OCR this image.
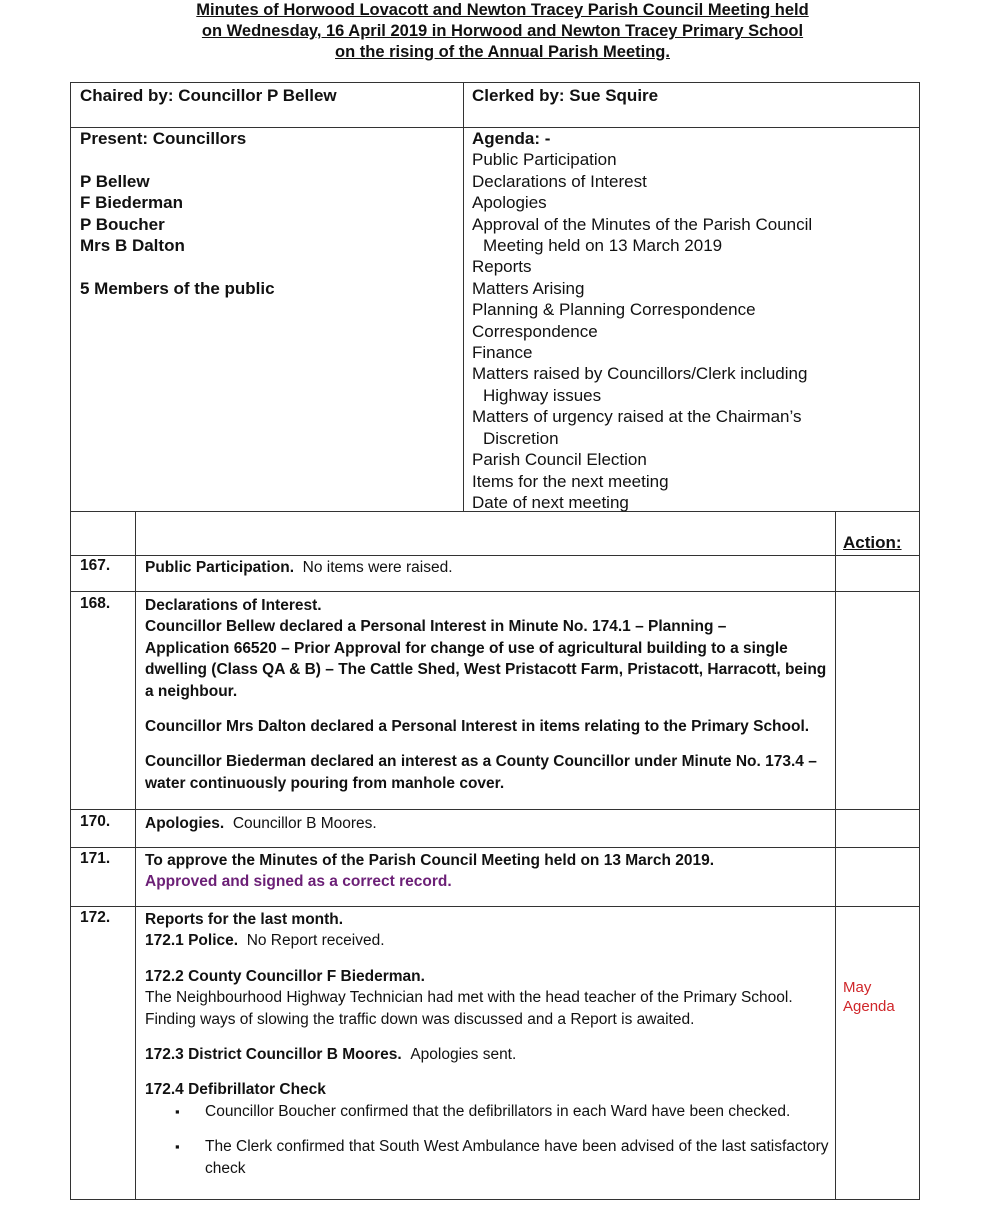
Minutes of Horwood Lovacott and Newton Tracey Parish Council Meeting held
on Wednesday, 16 April 2019 in Horwood and Newton Tracey Primary School
on the rising of the Annual Parish Meeting.
Chaired by: Councillor P Bellew	Clerked by: Sue Squire
Present: Councillors
P Bellew
F Biederman
P Boucher
Mrs B Dalton
5 Members of the public
Agenda: -
Public Participation
Declarations of Interest
Apologies
Approval of the Minutes of the Parish Council
Meeting held on 13 March 2019
Reports
Matters Arising
Planning & Planning Correspondence
Correspondence
Finance
Matters raised by Councillors/Clerk including
Highway issues
Matters of urgency raised at the Chairman’s
Discretion
Parish Council Election
Items for the next meeting
Date of next meeting
Action:
167. Public Participation. No items were raised.
168. Declarations of Interest.

Councillor Bellew declared a Personal Interest in Minute No. 174.1 – Planning –

Application 66520 – Prior Approval for change of use of agricultural building to a single

dwelling (Class QA & B) – The Cattle Shed, West Pristacott Farm, Pristacott, Harracott, being

a neighbour.

Councillor Mrs Dalton declared a Personal Interest in items relating to the Primary School.

Councillor Biederman declared an interest as a County Councillor under Minute No. 173.4 –

water continuously pouring from manhole cover.

170. Apologies. Councillor B Moores.
171. To approve the Minutes of the Parish Council Meeting held on 13 March 2019.

Approved and signed as a correct record.

172. Reports for the last month.

172.1 Police. No Report received.

172.2 County Councillor F Biederman.

The Neighbourhood Highway Technician had met with the head teacher of the Primary School.

Finding ways of slowing the traffic down was discussed and a Report is awaited.

172.3 District Councillor B Moores. Apologies sent.

172.4 Defibrillator Check

▪ Councillor Boucher confirmed that the defibrillators in each Ward have been checked.

▪ The Clerk confirmed that South West Ambulance have been advised of the last satisfactory

check

May
Agenda
